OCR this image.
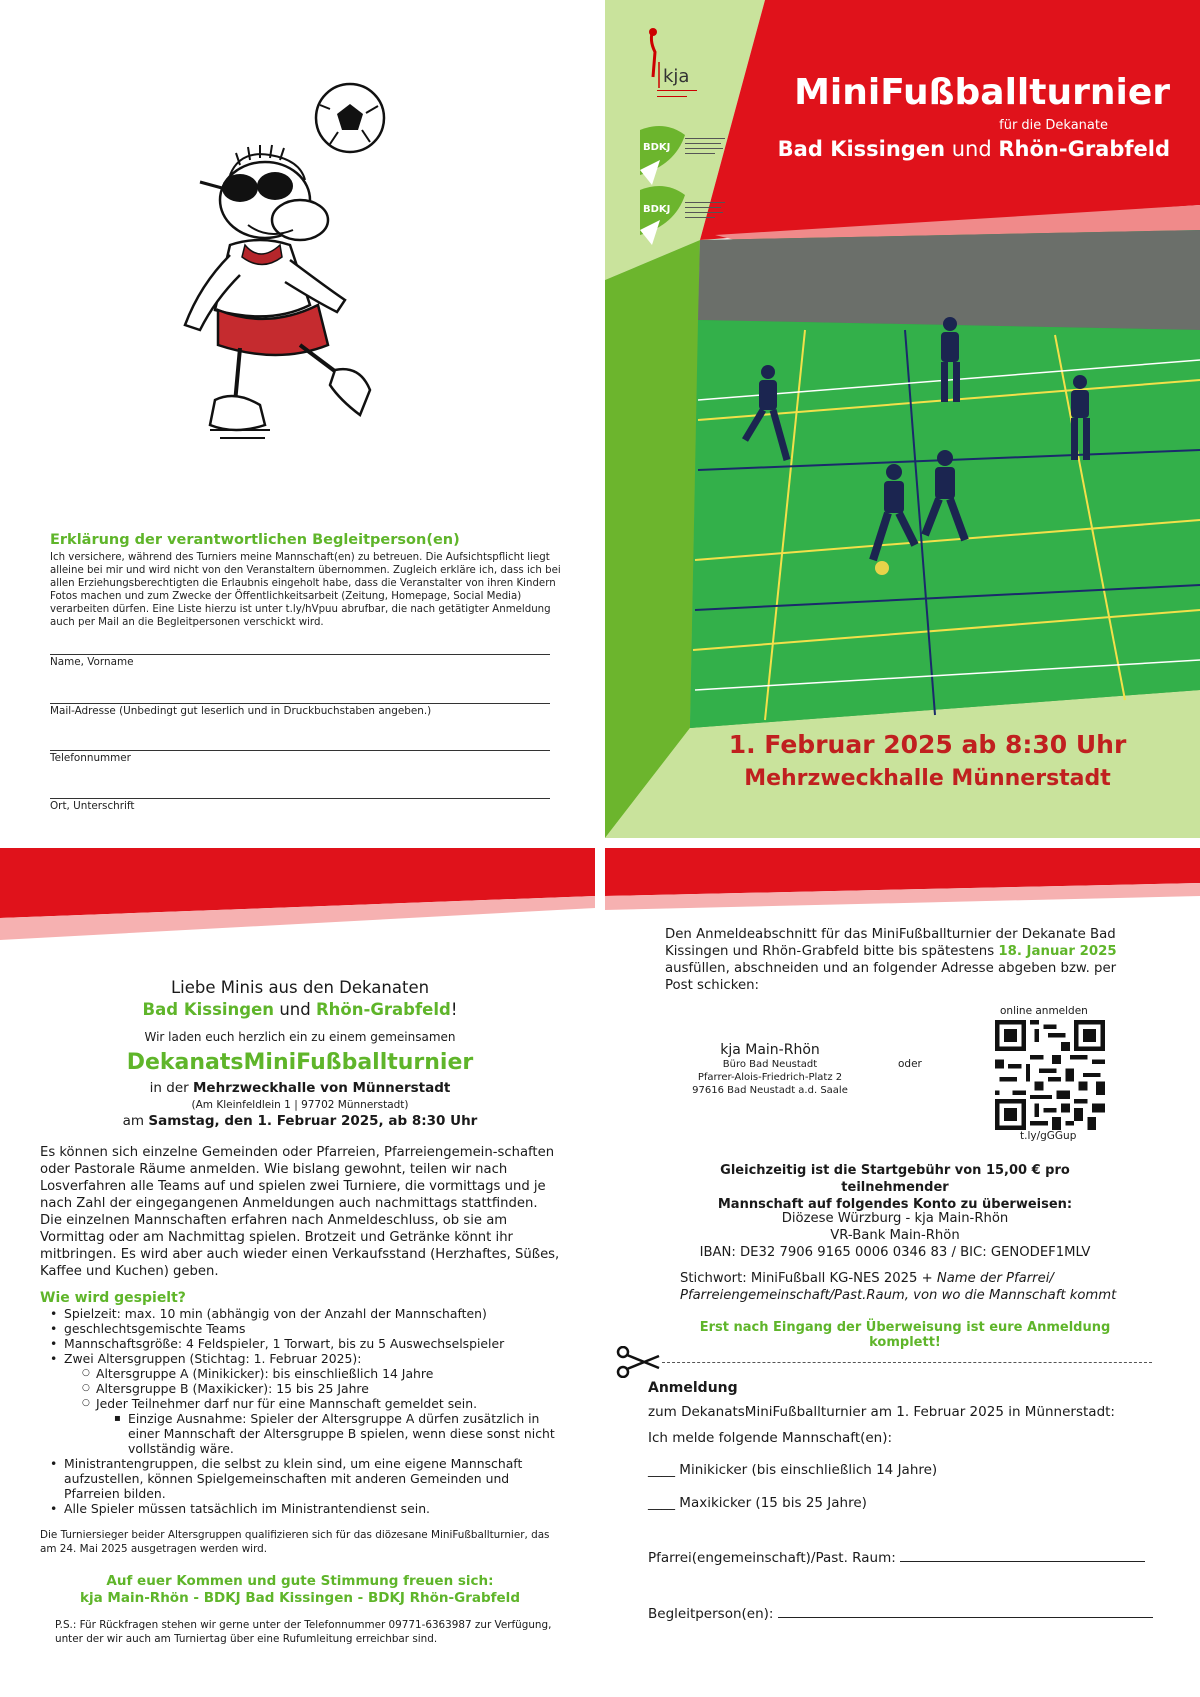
Erklärung der verantwortlichen Begleitperson(en)
Ich versichere, während des Turniers meine Mannschaft(en) zu betreuen. Die Aufsichtspflicht liegt alleine bei mir und wird nicht von den Veranstaltern übernommen. Zugleich erkläre ich, dass ich bei allen Erziehungsberechtigten die Erlaubnis eingeholt habe, dass die Veranstalter von ihren Kindern Fotos machen und zum Zwecke der Öffentlichkeitsarbeit (Zeitung, Homepage, Social Media) verarbeiten dürfen. Eine Liste hierzu ist unter t.ly/hVpuu abrufbar, die nach getätigter Anmeldung auch per Mail an die Begleitpersonen verschickt wird.
Name, Vorname
Mail-Adresse (Unbedingt gut leserlich und in Druckbuchstaben angeben.)
Telefonnummer
Ort, Unterschrift
kja
BDKJ
BDKJ
MiniFußballturnier
für die Dekanate
Bad Kissingen und Rhön-Grabfeld
1. Februar 2025 ab 8:30 Uhr
Mehrzweckhalle Münnerstadt
Liebe Minis aus den Dekanaten
Bad Kissingen und Rhön-Grabfeld!
Wir laden euch herzlich ein zu einem gemeinsamen
DekanatsMiniFußballturnier
in der Mehrzweckhalle von Münnerstadt
(Am Kleinfeldlein 1 | 97702 Münnerstadt)
am Samstag, den 1. Februar 2025, ab 8:30 Uhr
Es können sich einzelne Gemeinden oder Pfarreien, Pfarreiengemein-schaften oder Pastorale Räume anmelden. Wie bislang gewohnt, teilen wir nach Losverfahren alle Teams auf und spielen zwei Turniere, die vormittags und je nach Zahl der eingegangenen Anmeldungen auch nachmittags stattfinden. Die einzelnen Mannschaften erfahren nach Anmeldeschluss, ob sie am Vormittag oder am Nachmittag spielen. Brotzeit und Getränke könnt ihr mitbringen. Es wird aber auch wieder einen Verkaufsstand (Herzhaftes, Süßes, Kaffee und Kuchen) geben.
Wie wird gespielt?
• Spielzeit: max. 10 min (abhängig von der Anzahl der Mannschaften)
• geschlechtsgemischte Teams
• Mannschaftsgröße: 4 Feldspieler, 1 Torwart, bis zu 5 Auswechselspieler
• Zwei Altersgruppen (Stichtag: 1. Februar 2025):
○ Altersgruppe A (Minikicker): bis einschließlich 14 Jahre
○ Altersgruppe B (Maxikicker): 15 bis 25 Jahre
○ Jeder Teilnehmer darf nur für eine Mannschaft gemeldet sein.
▪ Einzige Ausnahme: Spieler der Altersgruppe A dürfen zusätzlich in einer Mannschaft der Altersgruppe B spielen, wenn diese sonst nicht vollständig wäre.
• Ministrantengruppen, die selbst zu klein sind, um eine eigene Mannschaft aufzustellen, können Spielgemeinschaften mit anderen Gemeinden und Pfarreien bilden.
• Alle Spieler müssen tatsächlich im Ministrantendienst sein.
Die Turniersieger beider Altersgruppen qualifizieren sich für das diözesane MiniFußballturnier, das am 24. Mai 2025 ausgetragen werden wird.
Auf euer Kommen und gute Stimmung freuen sich:
kja Main-Rhön - BDKJ Bad Kissingen - BDKJ Rhön-Grabfeld
P.S.: Für Rückfragen stehen wir gerne unter der Telefonnummer 09771-6363987 zur Verfügung, unter der wir auch am Turniertag über eine Rufumleitung erreichbar sind.
Den Anmeldeabschnitt für das MiniFußballturnier der Dekanate Bad Kissingen und Rhön-Grabfeld bitte bis spätestens 18. Januar 2025 ausfüllen, abschneiden und an folgender Adresse abgeben bzw. per Post schicken:
kja Main-Rhön
Büro Bad Neustadt
Pfarrer-Alois-Friedrich-Platz 2
97616 Bad Neustadt a.d. Saale
oder
online anmelden
t.ly/gGGup
Gleichzeitig ist die Startgebühr von 15,00 € pro teilnehmender
Mannschaft auf folgendes Konto zu überweisen:
Diözese Würzburg - kja Main-Rhön
VR-Bank Main-Rhön
IBAN: DE32 7906 9165 0006 0346 83 / BIC: GENODEF1MLV
Stichwort: MiniFußball KG-NES 2025 + Name der Pfarrei/
Pfarreiengemeinschaft/Past.Raum, von wo die Mannschaft kommt
Erst nach Eingang der Überweisung ist eure Anmeldung komplett!
Anmeldung
zum DekanatsMiniFußballturnier am 1. Februar 2025 in Münnerstadt:
Ich melde folgende Mannschaft(en):
____ Minikicker (bis einschließlich 14 Jahre)
____ Maxikicker (15 bis 25 Jahre)
Pfarrei(engemeinschaft)/Past. Raum:
Begleitperson(en):
